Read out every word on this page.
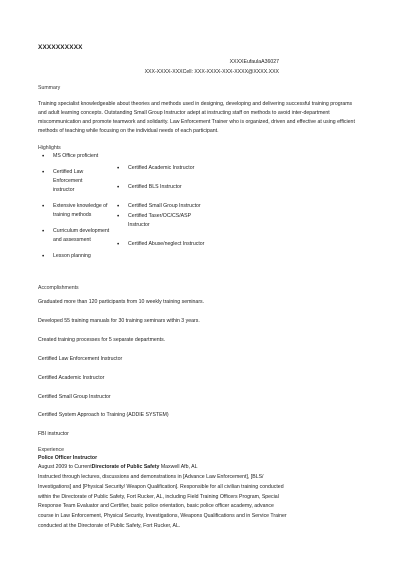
XXXXXXXXXX
XXXXEufaulaA36027
XXX-XXXX-XXXCell: XXX-XXXX-XXX-XXXX@XXXX.XXX
Summary
Training specialist knowledgeable about theories and methods used in designing, developing and delivering successful training programs and adult learning concepts. Outstanding Small Group Instructor adept at instructing staff on methods to avoid inter-department miscommunication and promote teamwork and solidarity. Law Enforcement Trainer who is organized, driven and effective at using efficient methods of teaching while focusing on the individual needs of each participant.
Highlights
• MS Office proficient
• Certified Law Enforcement instructor
• Extensive knowledge of training methods
• Curriculum development and assessment
• Lesson planning
• Certified Academic Instructor
• Certified BLS Instructor
• Certified Small Group Instructor
• Certified Taser/OC/CS/ASP Instructor
• Certified Abuse/neglect Instructor
Accomplishments
Graduated more than 120 participants from 10 weekly training seminars.
Developed 55 training manuals for 30 training seminars within 3 years.
Created training processes for 5 separate departments.
Certified Law Enforcement Instructor
Certified Academic Instructor
Certified Small Group Instructor
Certified System Approach to Training (ADDIE SYSTEM)
FBI instructor
Experience
Police Officer Instructor
August 2009 to CurrentDirectorate of Public Safety Maxwell Afb, AL
Instructed through lectures, discussions and demonstrations in [Advance Law Enforcement], [BLS/ Investigations] and [Physical Security/ Weapon Qualification]. Responsible for all civilian training conducted within the Directorate of Public Safety, Fort Rucker, AL, including Field Training Officers Program, Special Response Team Evaluator and Certifier, basic police orientation, basic police officer academy, advance course in Law Enforcement, Physical Security, Investigations, Weapons Qualifications and in Service Trainer conducted at the Directorate of Public Safety, Fort Rucker, AL.
